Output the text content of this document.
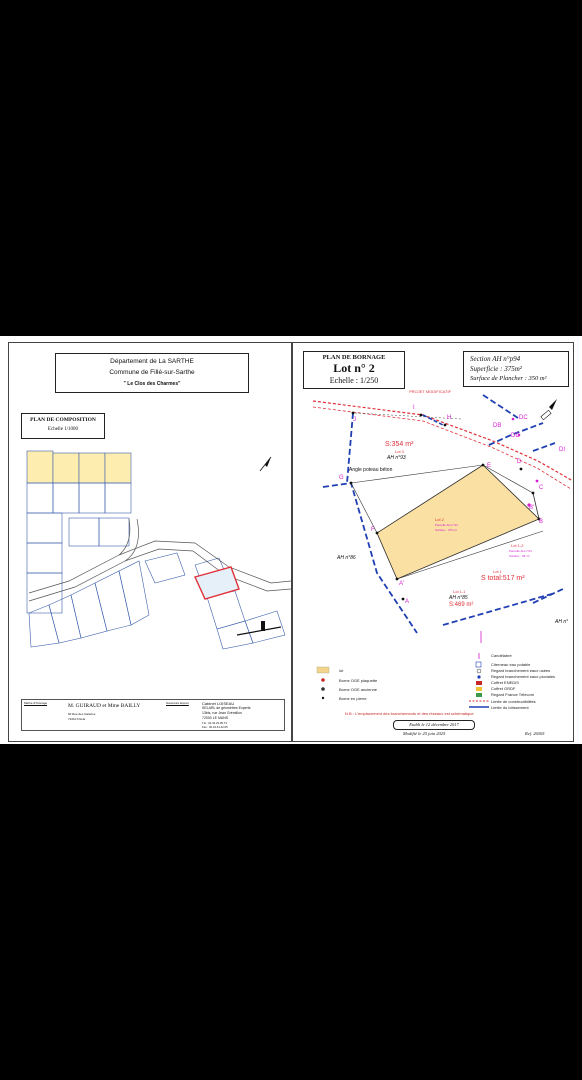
Département de La SARTHE
Commune de Fillé-sur-Sarthe
" Le Clos des Charmes"
PLAN DE COMPOSITION
Echelle 1/1000
Maître d'Ouvrage	M. GUIRAUD et Mme BAILLY
60 Rue des Galeries
72210 FILLE
Géomètre Expert	Cabinet LOISEAU
SELARL de géomètres Experts
13bis, rue Jean Grémillon
72000 LE MANS
Tél : 02.43.23.35.74
Fax : 02.43.41.42.05
PLAN DE BORNAGE
Lot n° 2
Echelle : 1/250
Section AH n°p94
Superficie : 375m²
Surface de Plancher : 350 m²
PROJET MODIFICATIF
Angle poteau béton
S:354 m²
Lot 3
AH n°93
Lot 2
Parcelle AH n°94
Surface : 375 m²
Lot 1-2
Parcelle AH n°94
Surface : 48 m²
Lot 1
S total:517 m²
Lot 1-1
AH n°85
S:469 m²
AH n°86
AH n°
J
I
H	DC
DB
DD
DI
G
E
D
C
F
B
A
B'
A'
lot
Borne OGE plaquette
Borne OGE ancienne
Borne en pierre
Candélabre
Citerneau eau potable
Regard branchement eaux usées
Regard branchement eaux pluviales
Coffret ENEDIS
Coffret GRDF
Regard France Télécom
Limite de constructibilités
Limite du lotissement
N.B.: L'emplacement des branchements et des réseaux est schématique
Etabli le 12 décembre 2017
Modifié le 25 juin 2025	Ref. 26505
